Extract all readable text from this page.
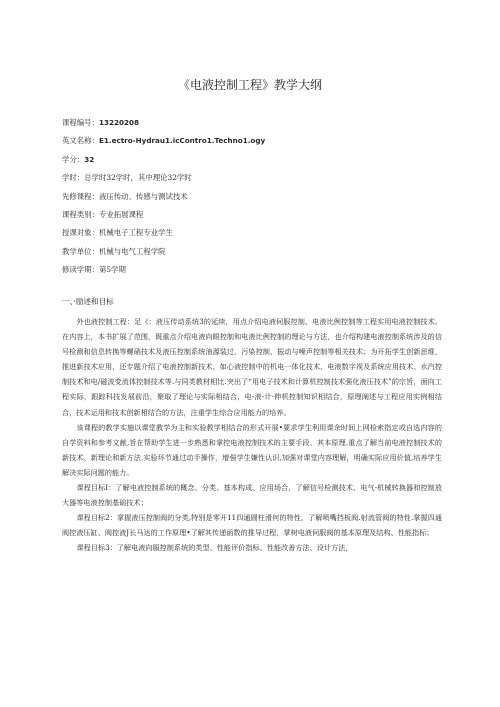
《电液控制工程》教学大纲
课程编号：13220208
英文名称：E1.ectro-Hydrau1.icContro1.Techno1.ogy
学分：32
学时：总学时32学时，其中理论32学时
先修课程：液压传动、传感与测试技术
课程类别：专业拓展课程
授课对象：机械电子工程专业学生
教学单位：机械与电气工程学院
修读学期：第5学期
一、·励述和目标

外也液控制工程：足《：液压传动系统3的延续，用点介绍电液伺服控制、电液比例控制等工程实用电液控制技术。在内容上，本书扩展了范围，既重点介绍电液向眼控制和电液比例控制的理论与方法，也介绍构建电液控制系统涉及的信号检测和信息转换等螺硝技术及液压控制系统油源装过、污染控制、振动与噪声控制等相关技术；为开拓学生创新思维，推进新技术应用，还专题介绍了电液控制新技术，如心液控制中的机电一体化技术、电液数字视及系统应用技术、水汽控制技术和电/磁波变流体控制技术等.与同类教材相比.突出了“用电子技术和计算机控制技术强化液压技术”的宗旨，面向工程实际，跟踪科技发展前沿，聚取了理论与实际相结合，电-液-计·伸机控制知识相结合，原理阐述与工程应用实例相结合，技术运用和技术创新相结合的方法，注重学生综合应用能力的培养。

该课程的教学实施以课堂教学为主和实验教学相结合的形式开展•要求学生利用课余时间上网检索指定或自选内容的自学资料和参考文献,旨在帮助学生进一步熟悉和掌控电液控制技术的主要手段、其本原理.重点了解当前电液控制技术的新技术、新理论和新方法.实验环节通过动手操作，增强学生嫌性认识,加强对课堂内容理解，明确实际应用价值,培养学生解决实际问题的能力。

课程目标I：了解电液控制系统的概念、分类、基本构成、应用场合，了解信号检测技术、电气-机械转换器和控制放大器等电液控制基础技术；

课程目标2：掌握液压控制阀的分类,特别是零开11四通圆柱滑何的特性，了解喷嘴挡板阀.射流管阀的特性.掌握四通阀控液压缸、阀控液J长马达的工作原理•了解其传递函数的推导过程，掌树电液伺服阀的基本原理及结构、性能指标；

课程目标3：了解电液向服控制系统的类型、性能评价指标、性能改善方法、设计方法，
